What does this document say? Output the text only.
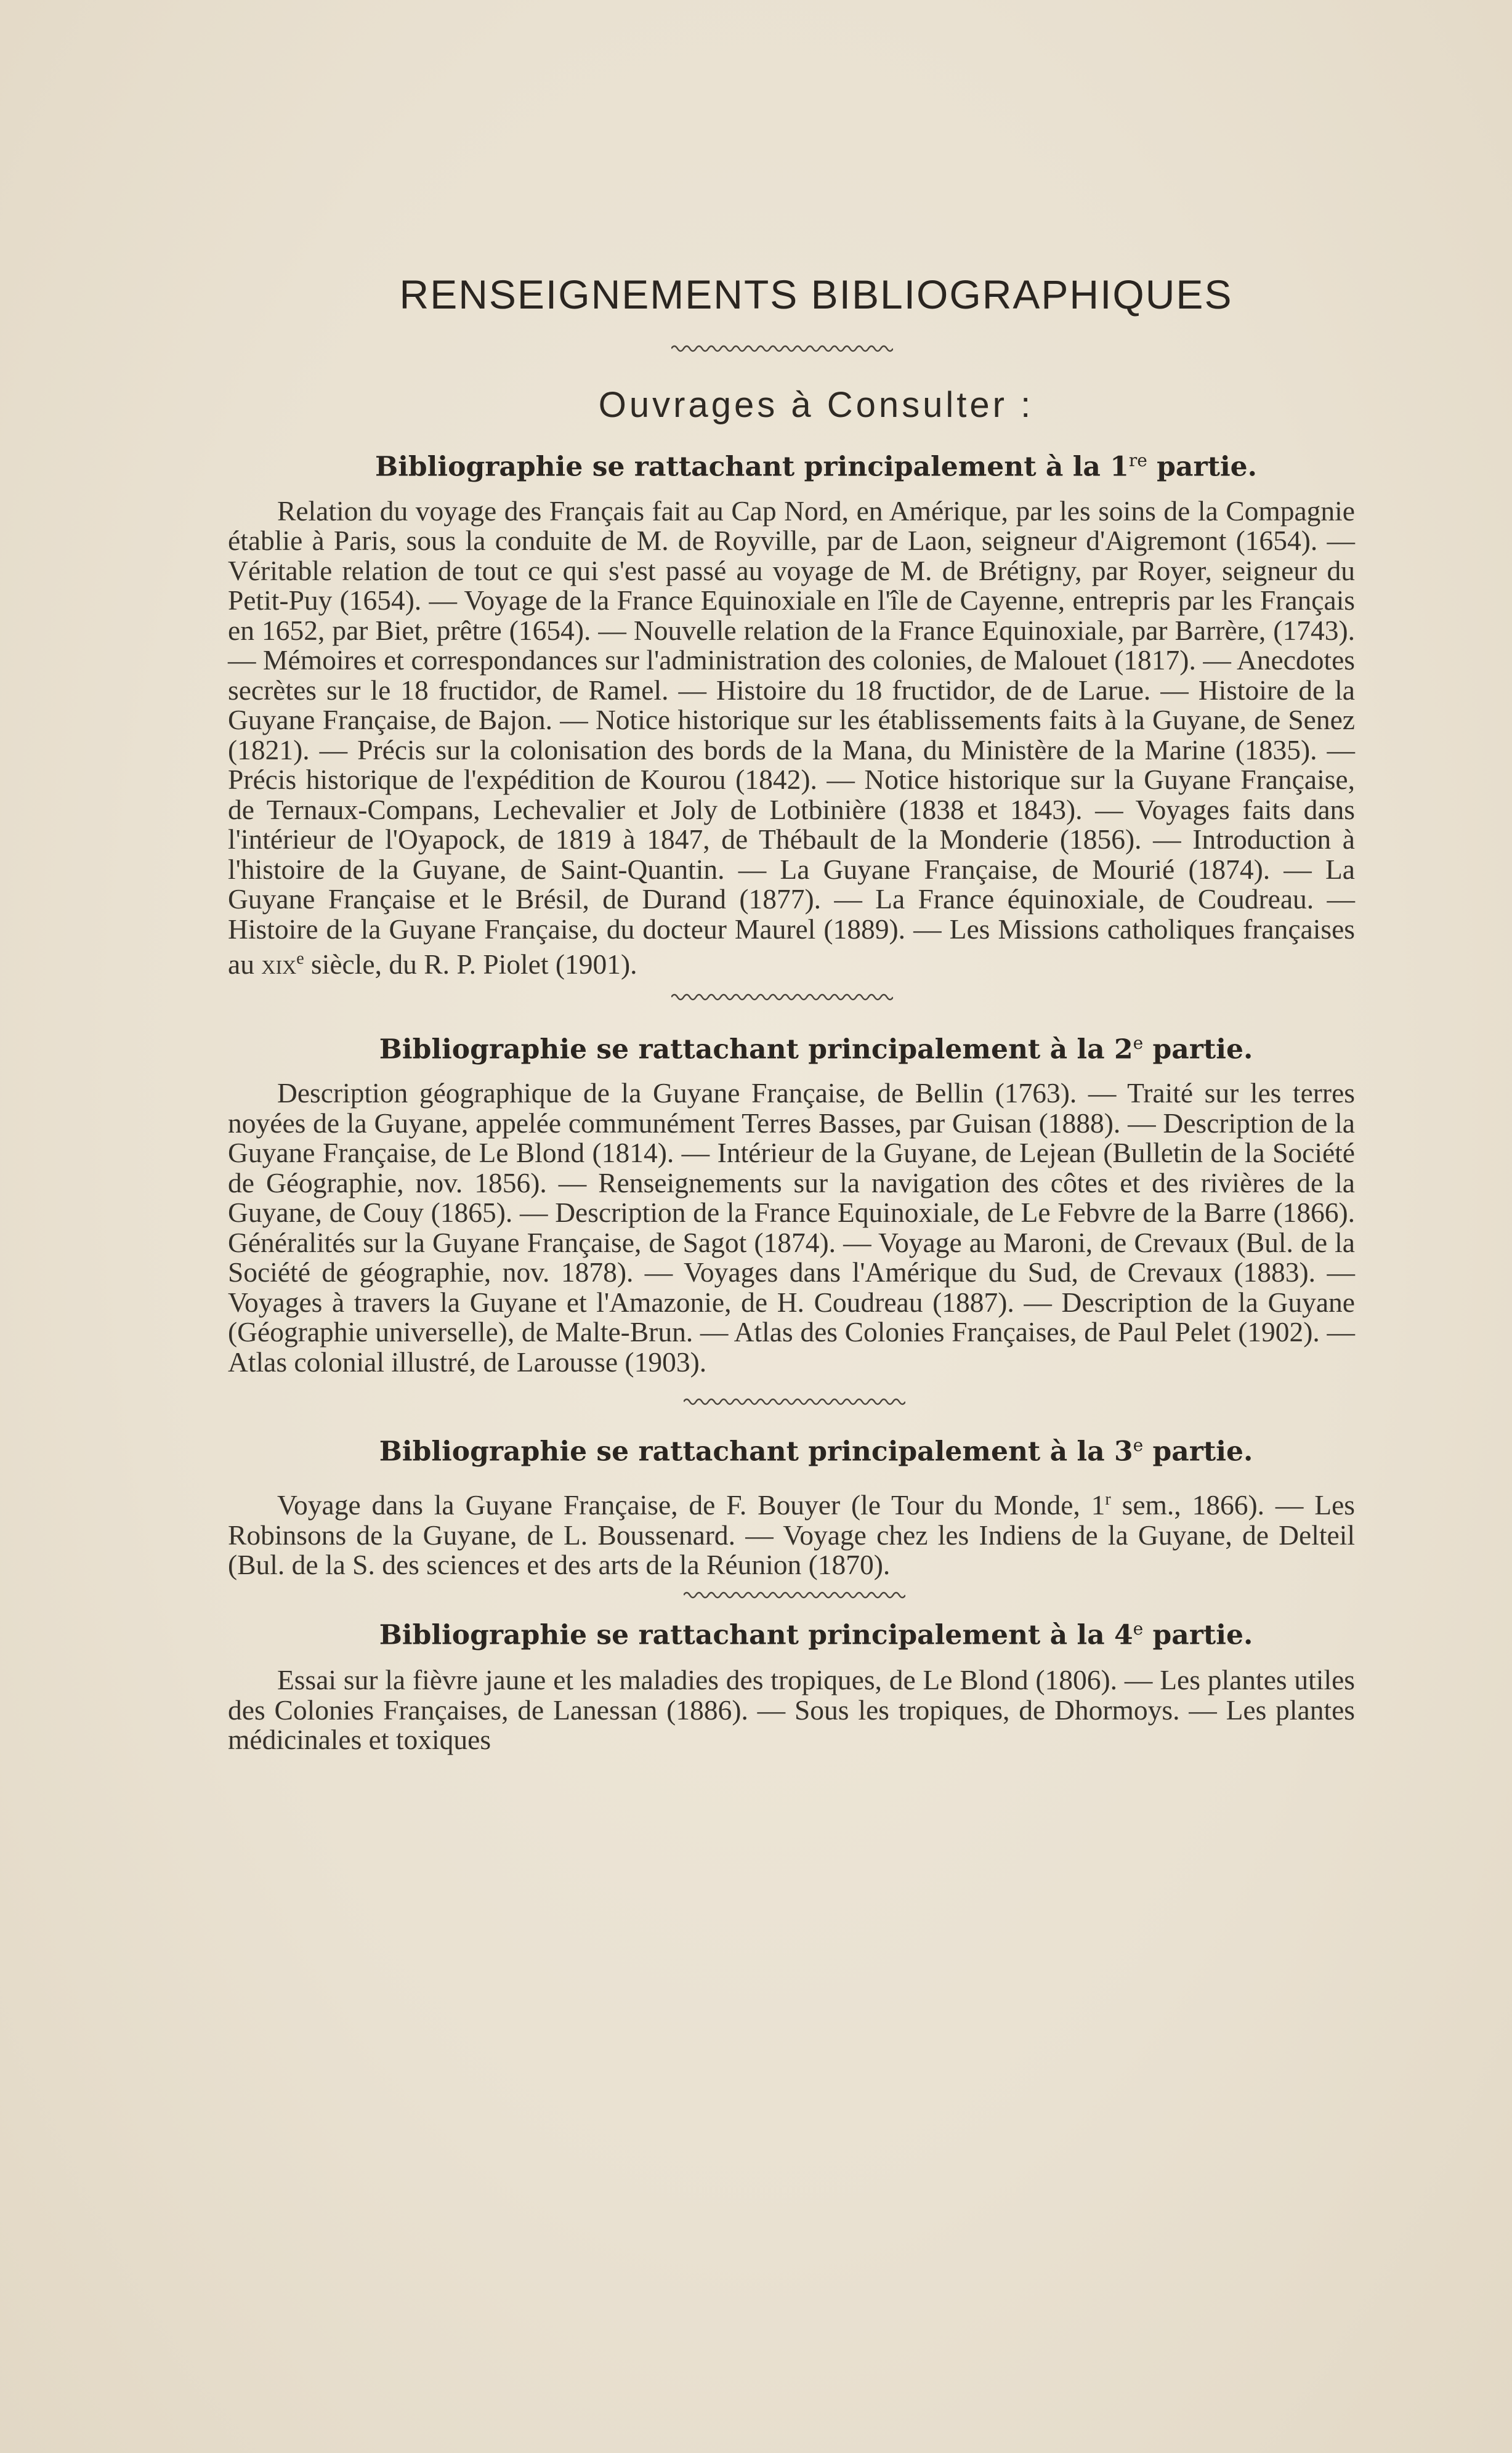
RENSEIGNEMENTS BIBLIOGRAPHIQUES

Ouvrages à Consulter :

Bibliographie se rattachant principalement à la 1re partie.

Relation du voyage des Français fait au Cap Nord, en Amérique, par les soins de la Compagnie établie à Paris, sous la conduite de M. de Royville, par de Laon, seigneur d'Aigremont (1654). — Véritable relation de tout ce qui s'est passé au voyage de M. de Brétigny, par Royer, seigneur du Petit-Puy (1654). — Voyage de la France Equinoxiale en l'île de Cayenne, entrepris par les Français en 1652, par Biet, prêtre (1654). — Nouvelle relation de la France Equinoxiale, par Barrère, (1743). — Mémoires et correspondances sur l'administration des colonies, de Malouet (1817). — Anecdotes secrètes sur le 18 fructidor, de Ramel. — Histoire du 18 fructidor, de de Larue. — Histoire de la Guyane Française, de Bajon. — Notice historique sur les établissements faits à la Guyane, de Senez (1821). — Précis sur la colonisation des bords de la Mana, du Ministère de la Marine (1835). — Précis historique de l'expédition de Kourou (1842). — Notice historique sur la Guyane Française, de Ternaux-Compans, Lechevalier et Joly de Lotbinière (1838 et 1843). — Voyages faits dans l'intérieur de l'Oyapock, de 1819 à 1847, de Thébault de la Monderie (1856). — Introduction à l'histoire de la Guyane, de Saint-Quantin. — La Guyane Française, de Mourié (1874). — La Guyane Française et le Brésil, de Durand (1877). — La France équinoxiale, de Coudreau. — Histoire de la Guyane Française, du docteur Maurel (1889). — Les Missions catholiques françaises au xix$^e$ siècle, du R. P. Piolet (1901).

Bibliographie se rattachant principalement à la 2e partie.

Description géographique de la Guyane Française, de Bellin (1763). — Traité sur les terres noyées de la Guyane, appelée communément Terres Basses, par Guisan (1888). — Description de la Guyane Française, de Le Blond (1814). — Intérieur de la Guyane, de Lejean (Bulletin de la Société de Géographie, nov. 1856). — Renseignements sur la navigation des côtes et des rivières de la Guyane, de Couy (1865). — Description de la France Equinoxiale, de Le Febvre de la Barre (1866). Généralités sur la Guyane Française, de Sagot (1874). — Voyage au Maroni, de Crevaux (Bul. de la Société de géographie, nov. 1878). — Voyages dans l'Amérique du Sud, de Crevaux (1883). — Voyages à travers la Guyane et l'Amazonie, de H. Coudreau (1887). — Description de la Guyane (Géographie universelle), de Malte-Brun. — Atlas des Colonies Françaises, de Paul Pelet (1902). — Atlas colonial illustré, de Larousse (1903).

Bibliographie se rattachant principalement à la 3e partie.

Voyage dans la Guyane Française, de F. Bouyer (le Tour du Monde, 1$^r$ sem., 1866). — Les Robinsons de la Guyane, de L. Boussenard. — Voyage chez les Indiens de la Guyane, de Delteil (Bul. de la S. des sciences et des arts de la Réunion (1870).

Bibliographie se rattachant principalement à la 4e partie.

Essai sur la fièvre jaune et les maladies des tropiques, de Le Blond (1806). — Les plantes utiles des Colonies Françaises, de Lanessan (1886). — Sous les tropiques, de Dhormoys. — Les plantes médicinales et toxiques
